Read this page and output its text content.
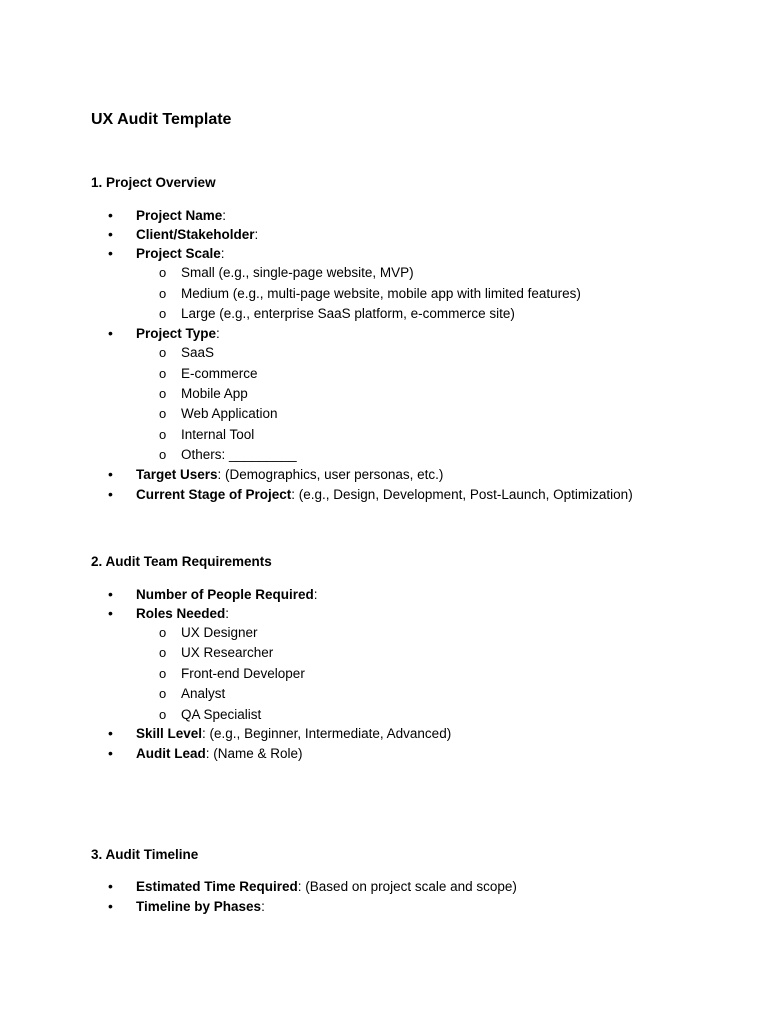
UX Audit Template
1. Project Overview
• Project Name:
• Client/Stakeholder:
• Project Scale:
o Small (e.g., single-page website, MVP)
o Medium (e.g., multi-page website, mobile app with limited features)
o Large (e.g., enterprise SaaS platform, e-commerce site)
• Project Type:
o SaaS
o E-commerce
o Mobile App
o Web Application
o Internal Tool
o Others: _________
• Target Users: (Demographics, user personas, etc.)
• Current Stage of Project: (e.g., Design, Development, Post-Launch, Optimization)
2. Audit Team Requirements
• Number of People Required:
• Roles Needed:
o UX Designer
o UX Researcher
o Front-end Developer
o Analyst
o QA Specialist
• Skill Level: (e.g., Beginner, Intermediate, Advanced)
• Audit Lead: (Name & Role)
3. Audit Timeline
• Estimated Time Required: (Based on project scale and scope)
• Timeline by Phases:
